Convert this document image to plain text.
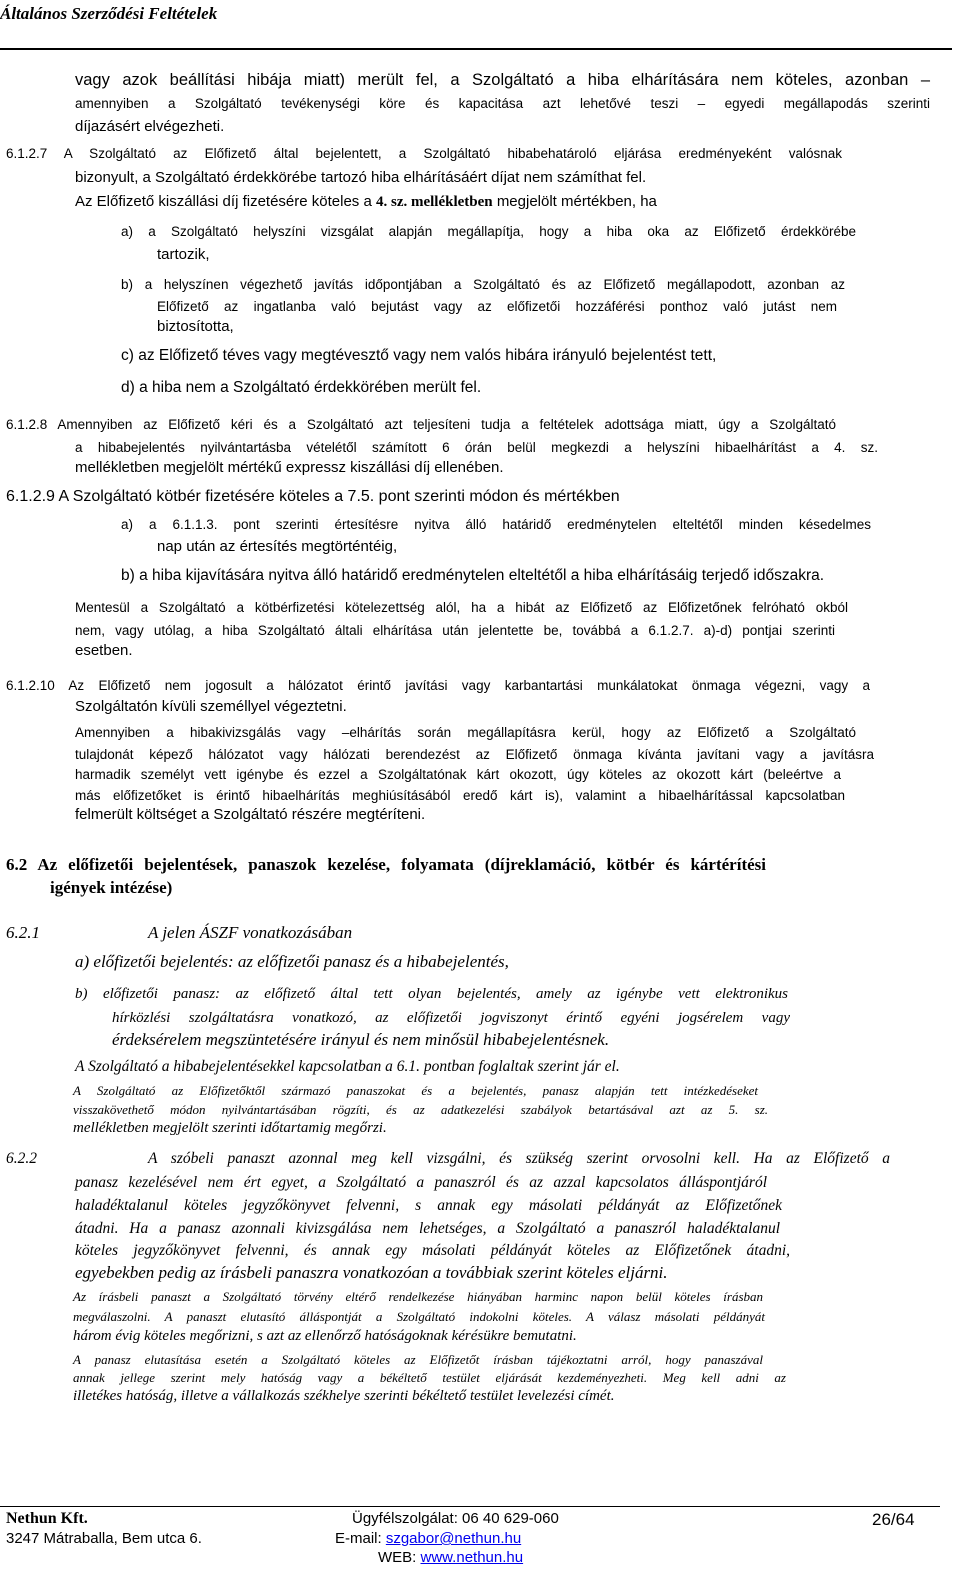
Általános Szerződési Feltételek

vagy azok beállítási hibája miatt) merült fel, a Szolgáltató a hiba elhárítására nem köteles, azonban –

amennyiben a Szolgáltató tevékenységi köre és kapacitása azt lehetővé teszi – egyedi megállapodás szerinti

díjazásért elvégezheti.

6.1.2.7 A Szolgáltató az Előfizető által bejelentett, a Szolgáltató hibabehatároló eljárása eredményeként valósnak

bizonyult, a Szolgáltató érdekkörébe tartozó hiba elhárításáért díjat nem számíthat fel.

Az Előfizető kiszállási díj fizetésére köteles a 4. sz. mellékletben megjelölt mértékben, ha

a) a Szolgáltató helyszíni vizsgálat alapján megállapítja, hogy a hiba oka az Előfizető érdekkörébe

tartozik,

b) a helyszínen végezhető javítás időpontjában a Szolgáltató és az Előfizető megállapodott, azonban az

Előfizető az ingatlanba való bejutást vagy az előfizetői hozzáférési ponthoz való jutást nem

biztosította,

c) az Előfizető téves vagy megtévesztő vagy nem valós hibára irányuló bejelentést tett,

d) a hiba nem a Szolgáltató érdekkörében merült fel.

6.1.2.8 Amennyiben az Előfizető kéri és a Szolgáltató azt teljesíteni tudja a feltételek adottsága miatt, úgy a Szolgáltató

a hibabejelentés nyilvántartásba vételétől számított 6 órán belül megkezdi a helyszíni hibaelhárítást a 4. sz.

mellékletben megjelölt mértékű expressz kiszállási díj ellenében.

6.1.2.9 A Szolgáltató kötbér fizetésére köteles a 7.5. pont szerinti módon és mértékben

a) a 6.1.1.3. pont szerinti értesítésre nyitva álló határidő eredménytelen elteltétől minden késedelmes

nap után az értesítés megtörténtéig,

b) a hiba kijavítására nyitva álló határidő eredménytelen elteltétől a hiba elhárításáig terjedő időszakra.

Mentesül a Szolgáltató a kötbérfizetési kötelezettség alól, ha a hibát az Előfizető az Előfizetőnek felróható okból

nem, vagy utólag, a hiba Szolgáltató általi elhárítása után jelentette be, továbbá a 6.1.2.7. a)-d) pontjai szerinti

esetben.

6.1.2.10 Az Előfizető nem jogosult a hálózatot érintő javítási vagy karbantartási munkálatokat önmaga végezni, vagy a

Szolgáltatón kívüli személlyel végeztetni.

Amennyiben a hibakivizsgálás vagy –elhárítás során megállapításra kerül, hogy az Előfizető a Szolgáltató

tulajdonát képező hálózatot vagy hálózati berendezést az Előfizető önmaga kívánta javítani vagy a javításra

harmadik személyt vett igénybe és ezzel a Szolgáltatónak kárt okozott, úgy köteles az okozott kárt (beleértve a

más előfizetőket is érintő hibaelhárítás meghiúsításából eredő kárt is), valamint a hibaelhárítással kapcsolatban

felmerült költséget a Szolgáltató részére megtéríteni.

6.2 Az előfizetői bejelentések, panaszok kezelése, folyamata (díjreklamáció, kötbér és kártérítési

igények intézése)

6.2.1	A jelen ÁSZF vonatkozásában

a) előfizetői bejelentés: az előfizetői panasz és a hibabejelentés,

b) előfizetői panasz: az előfizető által tett olyan bejelentés, amely az igénybe vett elektronikus

hírközlési szolgáltatásra vonatkozó, az előfizetői jogviszonyt érintő egyéni jogsérelem vagy

érdeksérelem megszüntetésére irányul és nem minősül hibabejelentésnek.

A Szolgáltató a hibabejelentésekkel kapcsolatban a 6.1. pontban foglaltak szerint jár el.

A Szolgáltató az Előfizetőktől származó panaszokat és a bejelentés, panasz alapján tett intézkedéseket

visszakövethető módon nyilvántartásában rögzíti, és az adatkezelési szabályok betartásával azt az 5. sz.

mellékletben megjelölt szerinti időtartamig megőrzi.

6.2.2	A szóbeli panaszt azonnal meg kell vizsgálni, és szükség szerint orvosolni kell. Ha az Előfizető a

panasz kezelésével nem ért egyet, a Szolgáltató a panaszról és az azzal kapcsolatos álláspontjáról

haladéktalanul köteles jegyzőkönyvet felvenni, s annak egy másolati példányát az Előfizetőnek

átadni. Ha a panasz azonnali kivizsgálása nem lehetséges, a Szolgáltató a panaszról haladéktalanul

köteles jegyzőkönyvet felvenni, és annak egy másolati példányát köteles az Előfizetőnek átadni,

egyebekben pedig az írásbeli panaszra vonatkozóan a továbbiak szerint köteles eljárni.

Az írásbeli panaszt a Szolgáltató törvény eltérő rendelkezése hiányában harminc napon belül köteles írásban

megválaszolni. A panaszt elutasító álláspontját a Szolgáltató indokolni köteles. A válasz másolati példányát

három évig köteles megőrizni, s azt az ellenőrző hatóságoknak kérésükre bemutatni.

A panasz elutasítása esetén a Szolgáltató köteles az Előfizetőt írásban tájékoztatni arról, hogy panaszával

annak jellege szerint mely hatóság vagy a békéltető testület eljárását kezdeményezheti. Meg kell adni az

illetékes hatóság, illetve a vállalkozás székhelye szerinti békéltető testület levelezési címét.

Nethun Kft.
3247 Mátraballa, Bem utca 6.
Ügyfélszolgálat: 06 40 629-060
E-mail: szgabor@nethun.hu
WEB: www.nethun.hu
26/64
